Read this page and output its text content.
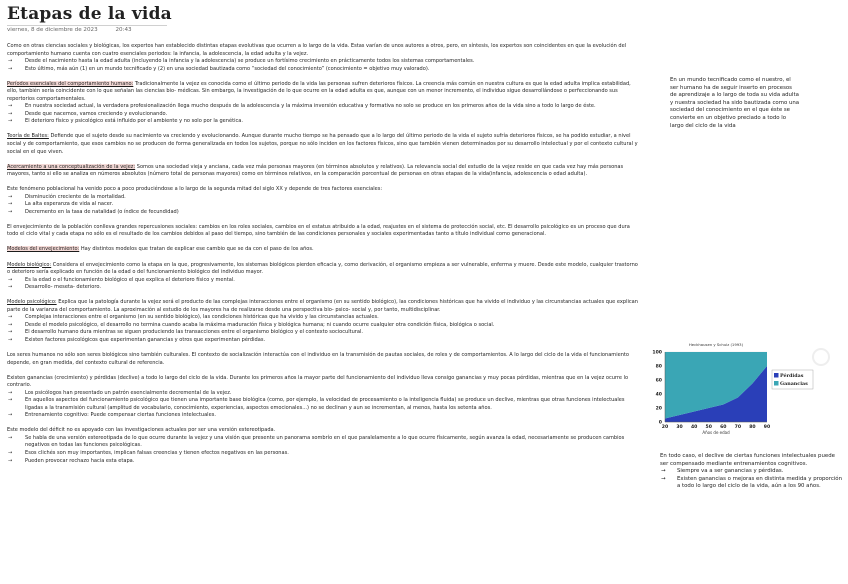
Etapas de la vida
viernes, 8 de diciembre de 2023	20:43

Como en otras ciencias sociales y biológicas, los expertos han establecido distintas etapas evolutivas que ocurren a lo largo de la vida. Estas varían de unos autores a otros, pero, en síntesis, los expertos son coincidentes en que la evolución del comportamiento humano cuenta con cuatro esenciales periodos: la infancia, la adolescencia, la edad adulta y la vejez.

→	Desde el nacimiento hasta la edad adulta (incluyendo la infancia y la adolescencia) se produce un fortísimo crecimiento en prácticamente todos los sistemas comportamentales.

→	Esto último, más aún (1) en un mundo tecnificado y (2) en una sociedad bautizada como “sociedad del conocimiento” (conocimiento = objetivo muy valorado).

Períodos esenciales del comportamiento humano: Tradicionalmente la vejez es conocida como el último periodo de la vida las personas sufren deterioros físicos. La creencia más común en nuestra cultura es que la edad adulta implica estabilidad, ello, también sería coincidente con lo que señalan las ciencias bio- médicas. Sin embargo, la investigación de lo que ocurre en la edad adulta es que, aunque con un menor incremento, el individuo sigue desarrollándose o perfeccionando sus repertorios comportamentales.

→	En nuestra sociedad actual, la verdadera profesionalización llega mucho después de la adolescencia y la máxima inversión educativa y formativa no solo se produce en los primeros años de la vida sino a todo lo largo de éste.

→	Desde que nacemos, vamos creciendo y evolucionando.

→	El deterioro físico y psicológico está influido por el ambiente y no solo por la genética.

Teoría de Baltes: Defiende que el sujeto desde su nacimiento va creciendo y evolucionando. Aunque durante mucho tiempo se ha pensado que a lo largo del último periodo de la vida el sujeto sufría deterioros físicos, se ha podido estudiar, a nivel social y de comportamiento, que esos cambios no se producen de forma generalizada en todos los sujetos, porque no sólo inciden en los factores físicos, sino que también vienen determinados por su desarrollo intelectual y por el contexto cultural y social en el que viven.

Acercamiento a una conceptualización de la vejez: Somos una sociedad vieja y anciana, cada vez más personas mayores (en términos absolutos y relativos). La relevancia social del estudio de la vejez reside en que cada vez hay más personas mayores, tanto si ello se analiza en números absolutos (número total de personas mayores) como en términos relativos, en la comparación porcentual de personas en otras etapas de la vida(infancia, adolescencia o edad adulta).

Este fenómeno poblacional ha venido poco a poco produciéndose a lo largo de la segunda mitad del siglo XX y depende de tres factores esenciales:

→	Disminución creciente de la mortalidad.

→	La alta esperanza de vida al nacer.

→	Decremento en la tasa de natalidad (o índice de fecundidad)

El envejecimiento de la población conlleva grandes repercusiones sociales: cambios en los roles sociales, cambios en el estatus atribuido a la edad, reajustes en el sistema de protección social, etc. El desarrollo psicológico es un proceso que dura todo el ciclo vital y cada etapa no sólo es el resultado de los cambios debidos al paso del tiempo, sino también de las condiciones personales y sociales experimentadas tanto a título individual como generacional.

Modelos del envejecimiento: Hay distintos modelos que tratan de explicar ese cambio que se da con el paso de los años.

Modelo biológico: Considera el envejecimiento como la etapa en la que, progresivamente, los sistemas biológicos pierden eficacia y, como derivación, el organismo empieza a ser vulnerable, enferma y muere. Desde este modelo, cualquier trastorno o deterioro sería explicado en función de la edad o del funcionamiento biológico del individuo mayor.

→	Es la edad o el funcionamiento biológico el que explica el deterioro físico y mental.

→	Desarrollo- meseta- deterioro.

Modelo psicológico: Explica que la patología durante la vejez será el producto de las complejas interacciones entre el organismo (en su sentido biológico), las condiciones históricas que ha vivido el individuo y las circunstancias actuales que explican parte de la varianza del comportamiento. La aproximación al estudio de los mayores ha de realizarse desde una perspectiva bio- psico- social y, por tanto, multidisciplinar.

→	Complejas interacciones entre el organismo (en su sentido biológico), las condiciones históricas que ha vivido y las circunstancias actuales.

→	Desde el modelo psicológico, el desarrollo no termina cuando acaba la máxima maduración física y biológica humana; ni cuando ocurre cualquier otra condición física, biológica o social.

→	El desarrollo humano dura mientras se siguen produciendo las transacciones entre el organismo biológico y el contexto sociocultural.

→	Existen factores psicológicos que experimentan ganancias y otros que experimentan pérdidas.

Los seres humanos no sólo son seres biológicos sino también culturales. El contexto de socialización interactúa con el individuo en la transmisión de pautas sociales, de roles y de comportamientos. A lo largo del ciclo de la vida el funcionamiento depende, en gran medida, del contexto cultural de referencia.

Existen ganancias (crecimiento) y pérdidas (declive) a todo lo largo del ciclo de la vida. Durante los primeros años la mayor parte del funcionamiento del individuo lleva consigo ganancias y muy pocas pérdidas, mientras que en la vejez ocurre lo contrario.

→	Los psicólogos han presentado un patrón esencialmente decremental de la vejez.

→	En aquellos aspectos del funcionamiento psicológico que tienen una importante base biológica (como, por ejemplo, la velocidad de procesamiento o la inteligencia fluida) se produce un declive, mientras que otras funciones intelectuales ligadas a la transmisión cultural (amplitud de vocabulario, conocimiento, experiencias, aspectos emocionales...) no se declinan y aun se incrementan, al menos, hasta los setenta años.

→	Entrenamiento cognitivo: Puede compensar ciertas funciones intelectuales.

Este modelo del déficit no es apoyado con las investigaciones actuales por ser una versión estereotipada.

→	Se habla de una versión estereotipada de lo que ocurre durante la vejez y una visión que presente un panorama sombrío en el que paralelamente a lo que ocurre físicamente, según avanza la edad, necesariamente se producen cambios negativos en todas las funciones psicológicas.

→	Esos clichés son muy importantes, implican falsas creencias y tienen efectos negativos en las personas.

→	Pueden provocar rechazo hacia esta etapa.

En un mundo tecnificado como el nuestro, el ser humano ha de seguir inserto en procesos de aprendizaje a lo largo de toda su vida adulta y nuestra sociedad ha sido bautizada como una sociedad del conocimiento en el que éste se convierte en un objetivo preciado a todo lo largo del ciclo de la vida
Heckhausen y Schulz (1993)
0
20
40
60
80
100
20 30 40 50 60 70 80 90
Años de edad
Pérdidas
Ganancias

En todo caso, el declive de ciertas funciones intelectuales puede ser compensado mediante entrenamientos cognitivos.

→ Siempre va a ser ganancias y pérdidas.

→ Existen ganancias o mejoras en distinta medida y proporción a todo lo largo del ciclo de la vida, aún a los 90 años.
